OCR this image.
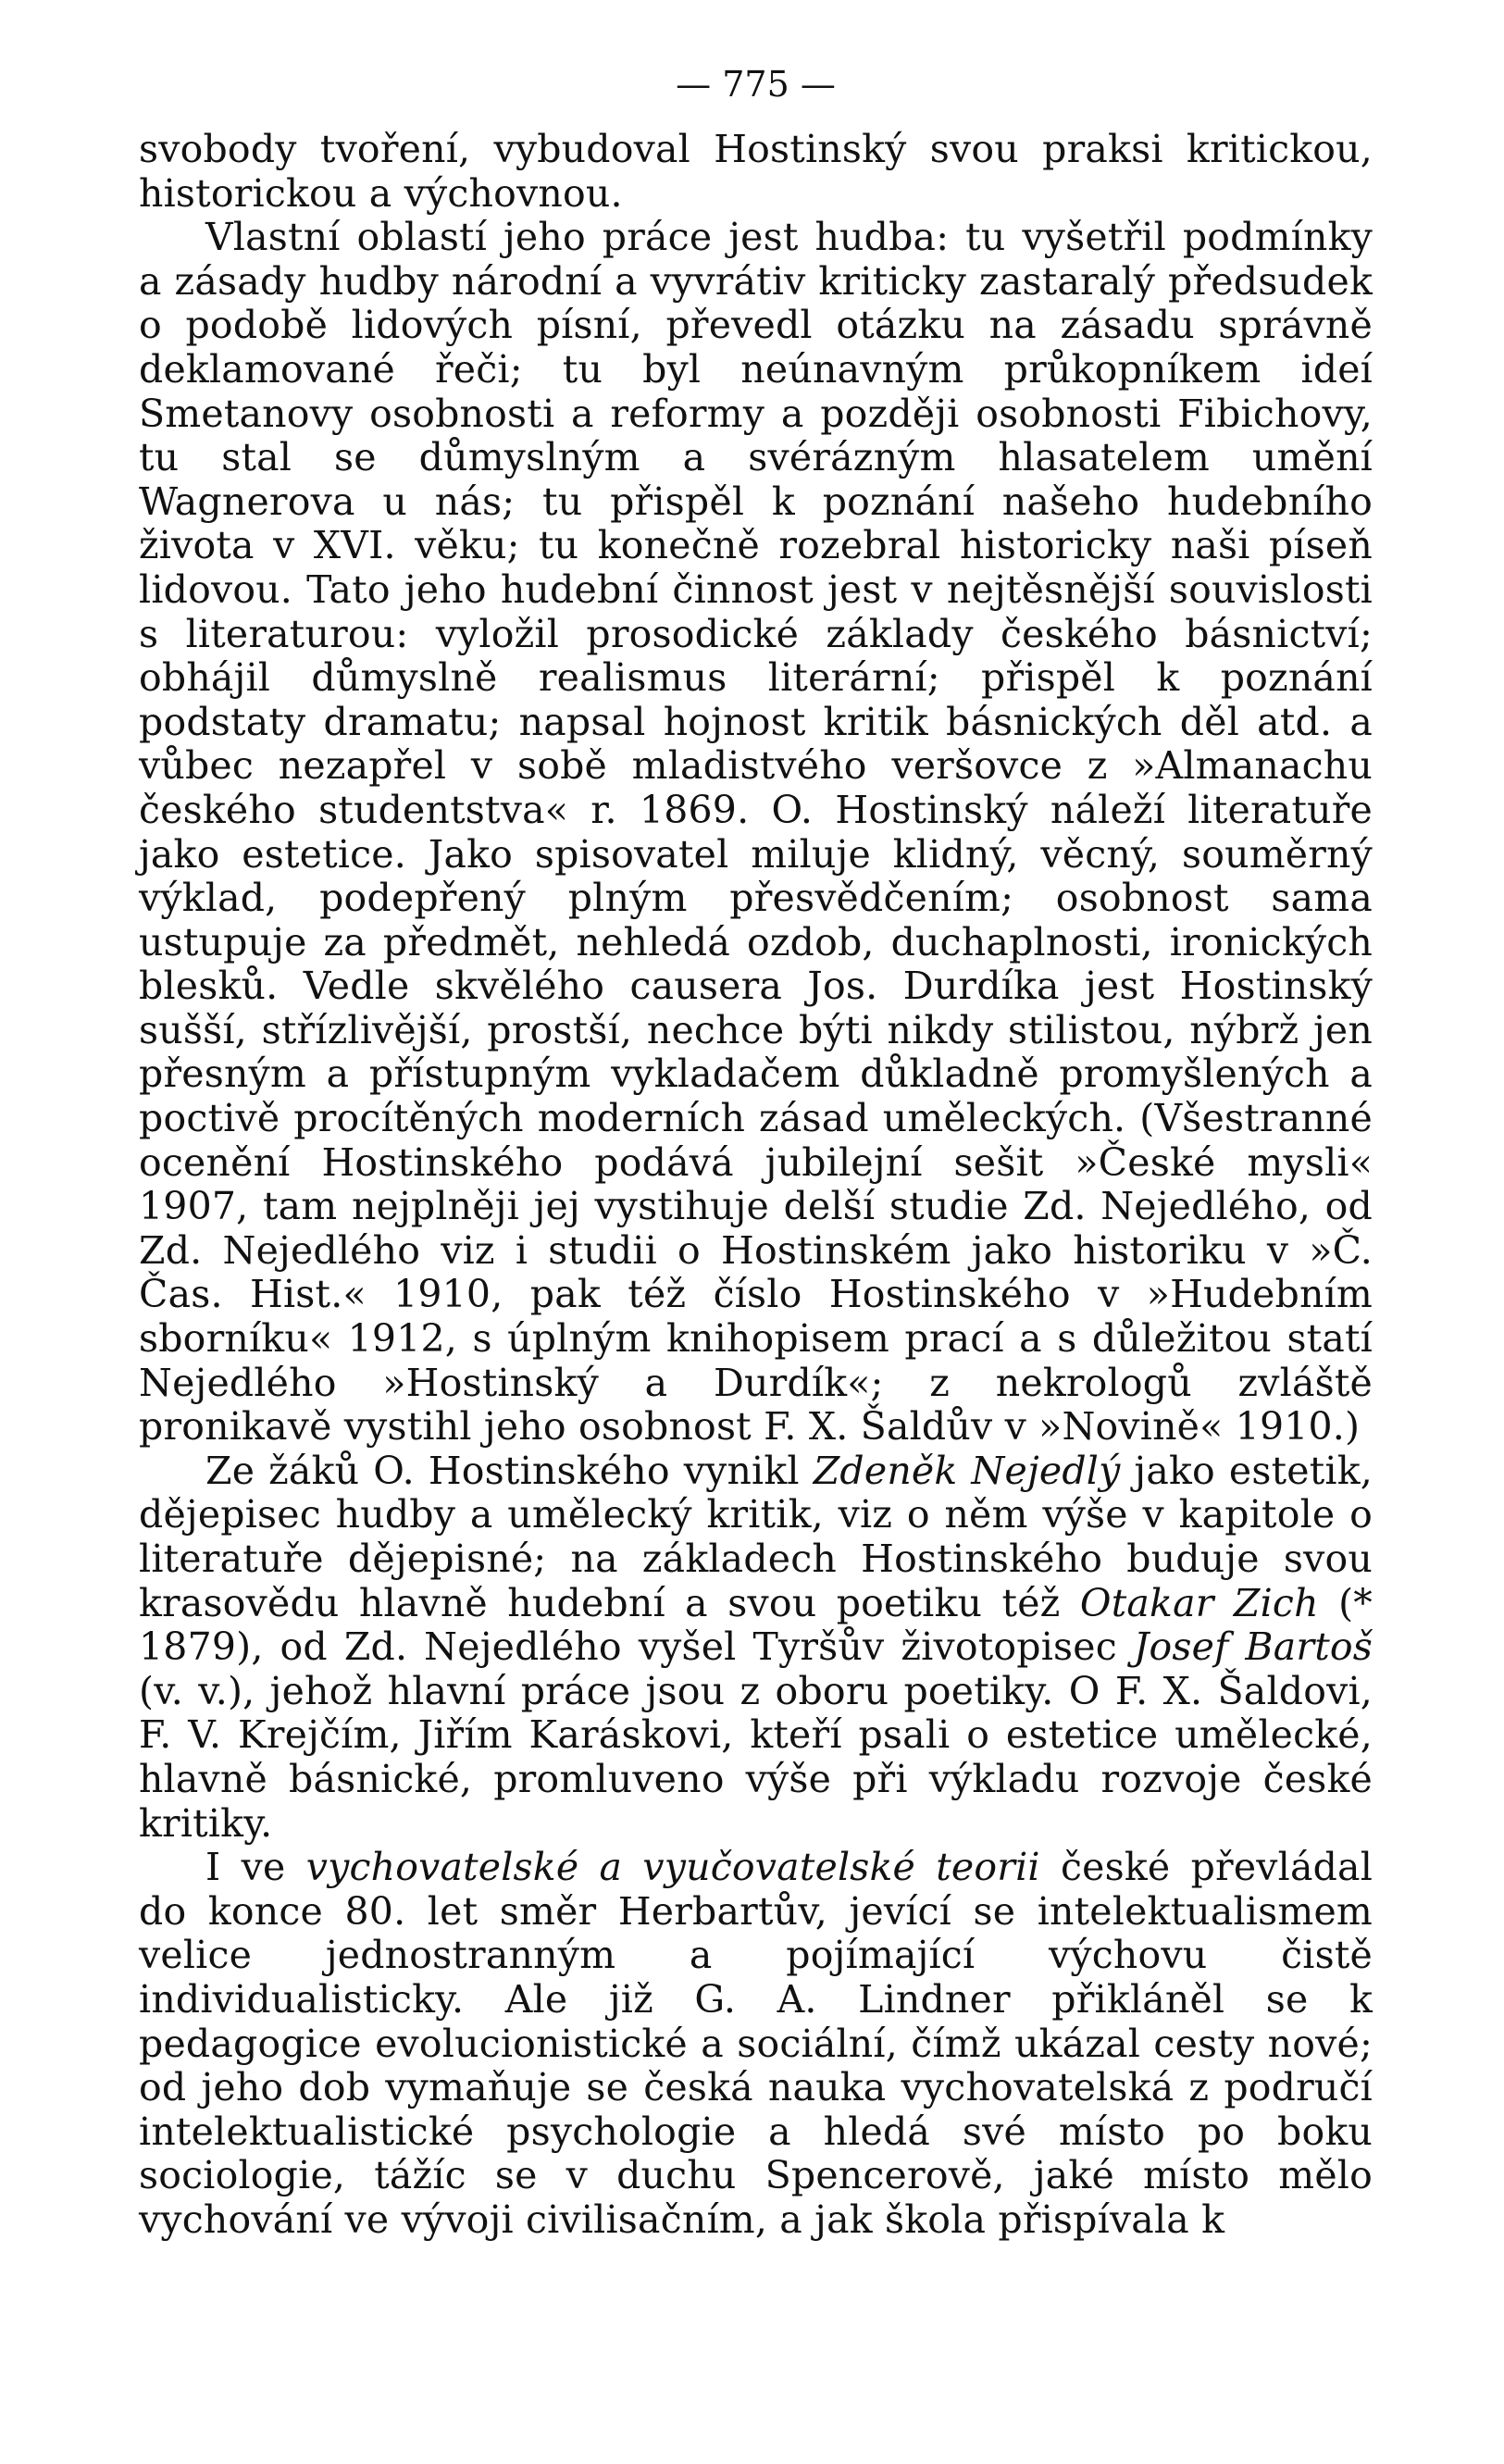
— 775 —

svobody tvoření, vybudoval Hostinský svou praksi kritickou, historickou a výchovnou.

Vlastní oblastí jeho práce jest hudba: tu vyšetřil podmínky a zásady hudby národní a vyvrátiv kriticky zastaralý předsudek o podobě lidových písní, převedl otázku na zásadu správně deklamované řeči; tu byl neúnavným průkopníkem ideí Smetanovy osobnosti a reformy a později osobnosti Fibichovy, tu stal se důmyslným a svérázným hlasatelem umění Wagnerova u nás; tu přispěl k poznání našeho hudebního života v XVI. věku; tu konečně rozebral historicky naši píseň lidovou. Tato jeho hudební činnost jest v nejtěsnější souvislosti s literaturou: vyložil prosodické základy českého básnictví; obhájil důmyslně realismus literární; přispěl k poznání podstaty dramatu; napsal hojnost kritik básnických děl atd. a vůbec nezapřel v sobě mladistvého veršovce z »Almanachu českého studentstva« r. 1869. O. Hostinský náleží literatuře jako estetice. Jako spisovatel miluje klidný, věcný, souměrný výklad, podepřený plným přesvědčením; osobnost sama ustupuje za předmět, nehledá ozdob, duchaplnosti, ironických blesků. Vedle skvělého causera Jos. Durdíka jest Hostinský sušší, střízlivější, prostší, nechce býti nikdy stilistou, nýbrž jen přesným a přístupným vykladačem důkladně promyšlených a poctivě procítěných moderních zásad uměleckých. (Všestranné ocenění Hostinského podává jubilejní sešit »České mysli« 1907, tam nejplněji jej vystihuje delší studie Zd. Nejedlého, od Zd. Nejedlého viz i studii o Hostinském jako historiku v »Č. Čas. Hist.« 1910, pak též číslo Hostinského v »Hudebním sborníku« 1912, s úplným knihopisem prací a s důležitou statí Nejedlého »Hostinský a Durdík«; z nekrologů zvláště pronikavě vystihl jeho osobnost F. X. Šaldův v »Novině« 1910.)

Ze žáků O. Hostinského vynikl Zdeněk Nejedlý jako estetik, dějepisec hudby a umělecký kritik, viz o něm výše v kapitole o literatuře dějepisné; na základech Hostinského buduje svou krasovědu hlavně hudební a svou poetiku též Otakar Zich (* 1879), od Zd. Nejedlého vyšel Tyršův životopisec Josef Bartoš (v. v.), jehož hlavní práce jsou z oboru poetiky. O F. X. Šaldovi, F. V. Krejčím, Jiřím Karáskovi, kteří psali o estetice umělecké, hlavně básnické, promluveno výše při výkladu rozvoje české kritiky.

I ve vychovatelské a vyučovatelské teorii české převládal do konce 80. let směr Herbartův, jevící se intelektualismem velice jednostranným a pojímající výchovu čistě individualisticky. Ale již G. A. Lindner přikláněl se k pedagogice evolucionistické a sociální, čímž ukázal cesty nové; od jeho dob vymaňuje se česká nauka vychovatelská z područí intelektualistické psychologie a hledá své místo po boku sociologie, tážíc se v duchu Spencerově, jaké místo mělo vychování ve vývoji civilisačním, a jak škola přispívala k
